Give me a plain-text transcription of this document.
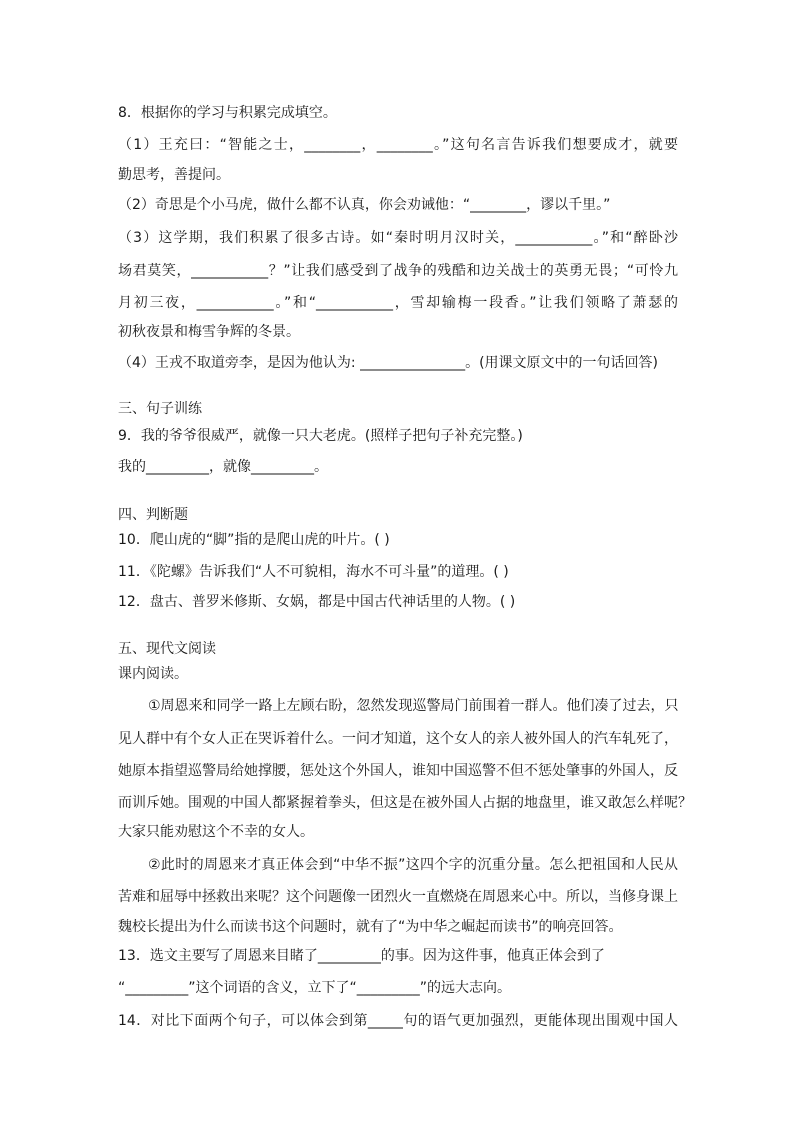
8．根据你的学习与积累完成填空。

（1）王充曰：“智能之士，________，________。”这句名言告诉我们想要成才，就要

勤思考，善提问。

（2）奇思是个小马虎，做什么都不认真，你会劝诫他：“________，谬以千里。”

（3）这学期，我们积累了很多古诗。如“秦时明月汉时关，___________。”和“醉卧沙

场君莫笑，___________？”让我们感受到了战争的残酷和边关战士的英勇无畏；“可怜九

月初三夜，___________。”和“___________，雪却输梅一段香。”让我们领略了萧瑟的

初秋夜景和梅雪争辉的冬景。

（4）王戎不取道旁李，是因为他认为: _______________。(用课文原文中的一句话回答)

三、句子训练

9．我的爷爷很威严，就像一只大老虎。(照样子把句子补充完整。)

我的_________，就像_________。

四、判断题

10．爬山虎的“脚”指的是爬山虎的叶片。( )

11．《陀螺》告诉我们“人不可貌相，海水不可斗量”的道理。( )

12．盘古、普罗米修斯、女娲，都是中国古代神话里的人物。( )

五、现代文阅读

课内阅读。

①周恩来和同学一路上左顾右盼，忽然发现巡警局门前围着一群人。他们凑了过去，只

见人群中有个女人正在哭诉着什么。一问才知道，这个女人的亲人被外国人的汽车轧死了，

她原本指望巡警局给她撑腰，惩处这个外国人，谁知中国巡警不但不惩处肇事的外国人，反

而训斥她。围观的中国人都紧握着拳头，但这是在被外国人占据的地盘里，谁又敢怎么样呢？

大家只能劝慰这个不幸的女人。

②此时的周恩来才真正体会到“中华不振”这四个字的沉重分量。怎么把祖国和人民从

苦难和屈辱中拯救出来呢？这个问题像一团烈火一直燃烧在周恩来心中。所以，当修身课上

魏校长提出为什么而读书这个问题时，就有了“为中华之崛起而读书”的响亮回答。

13．选文主要写了周恩来目睹了_________的事。因为这件事，他真正体会到了

“_________”这个词语的含义，立下了“_________”的远大志向。

14．对比下面两个句子，可以体会到第_____句的语气更加强烈，更能体现出围观中国人
